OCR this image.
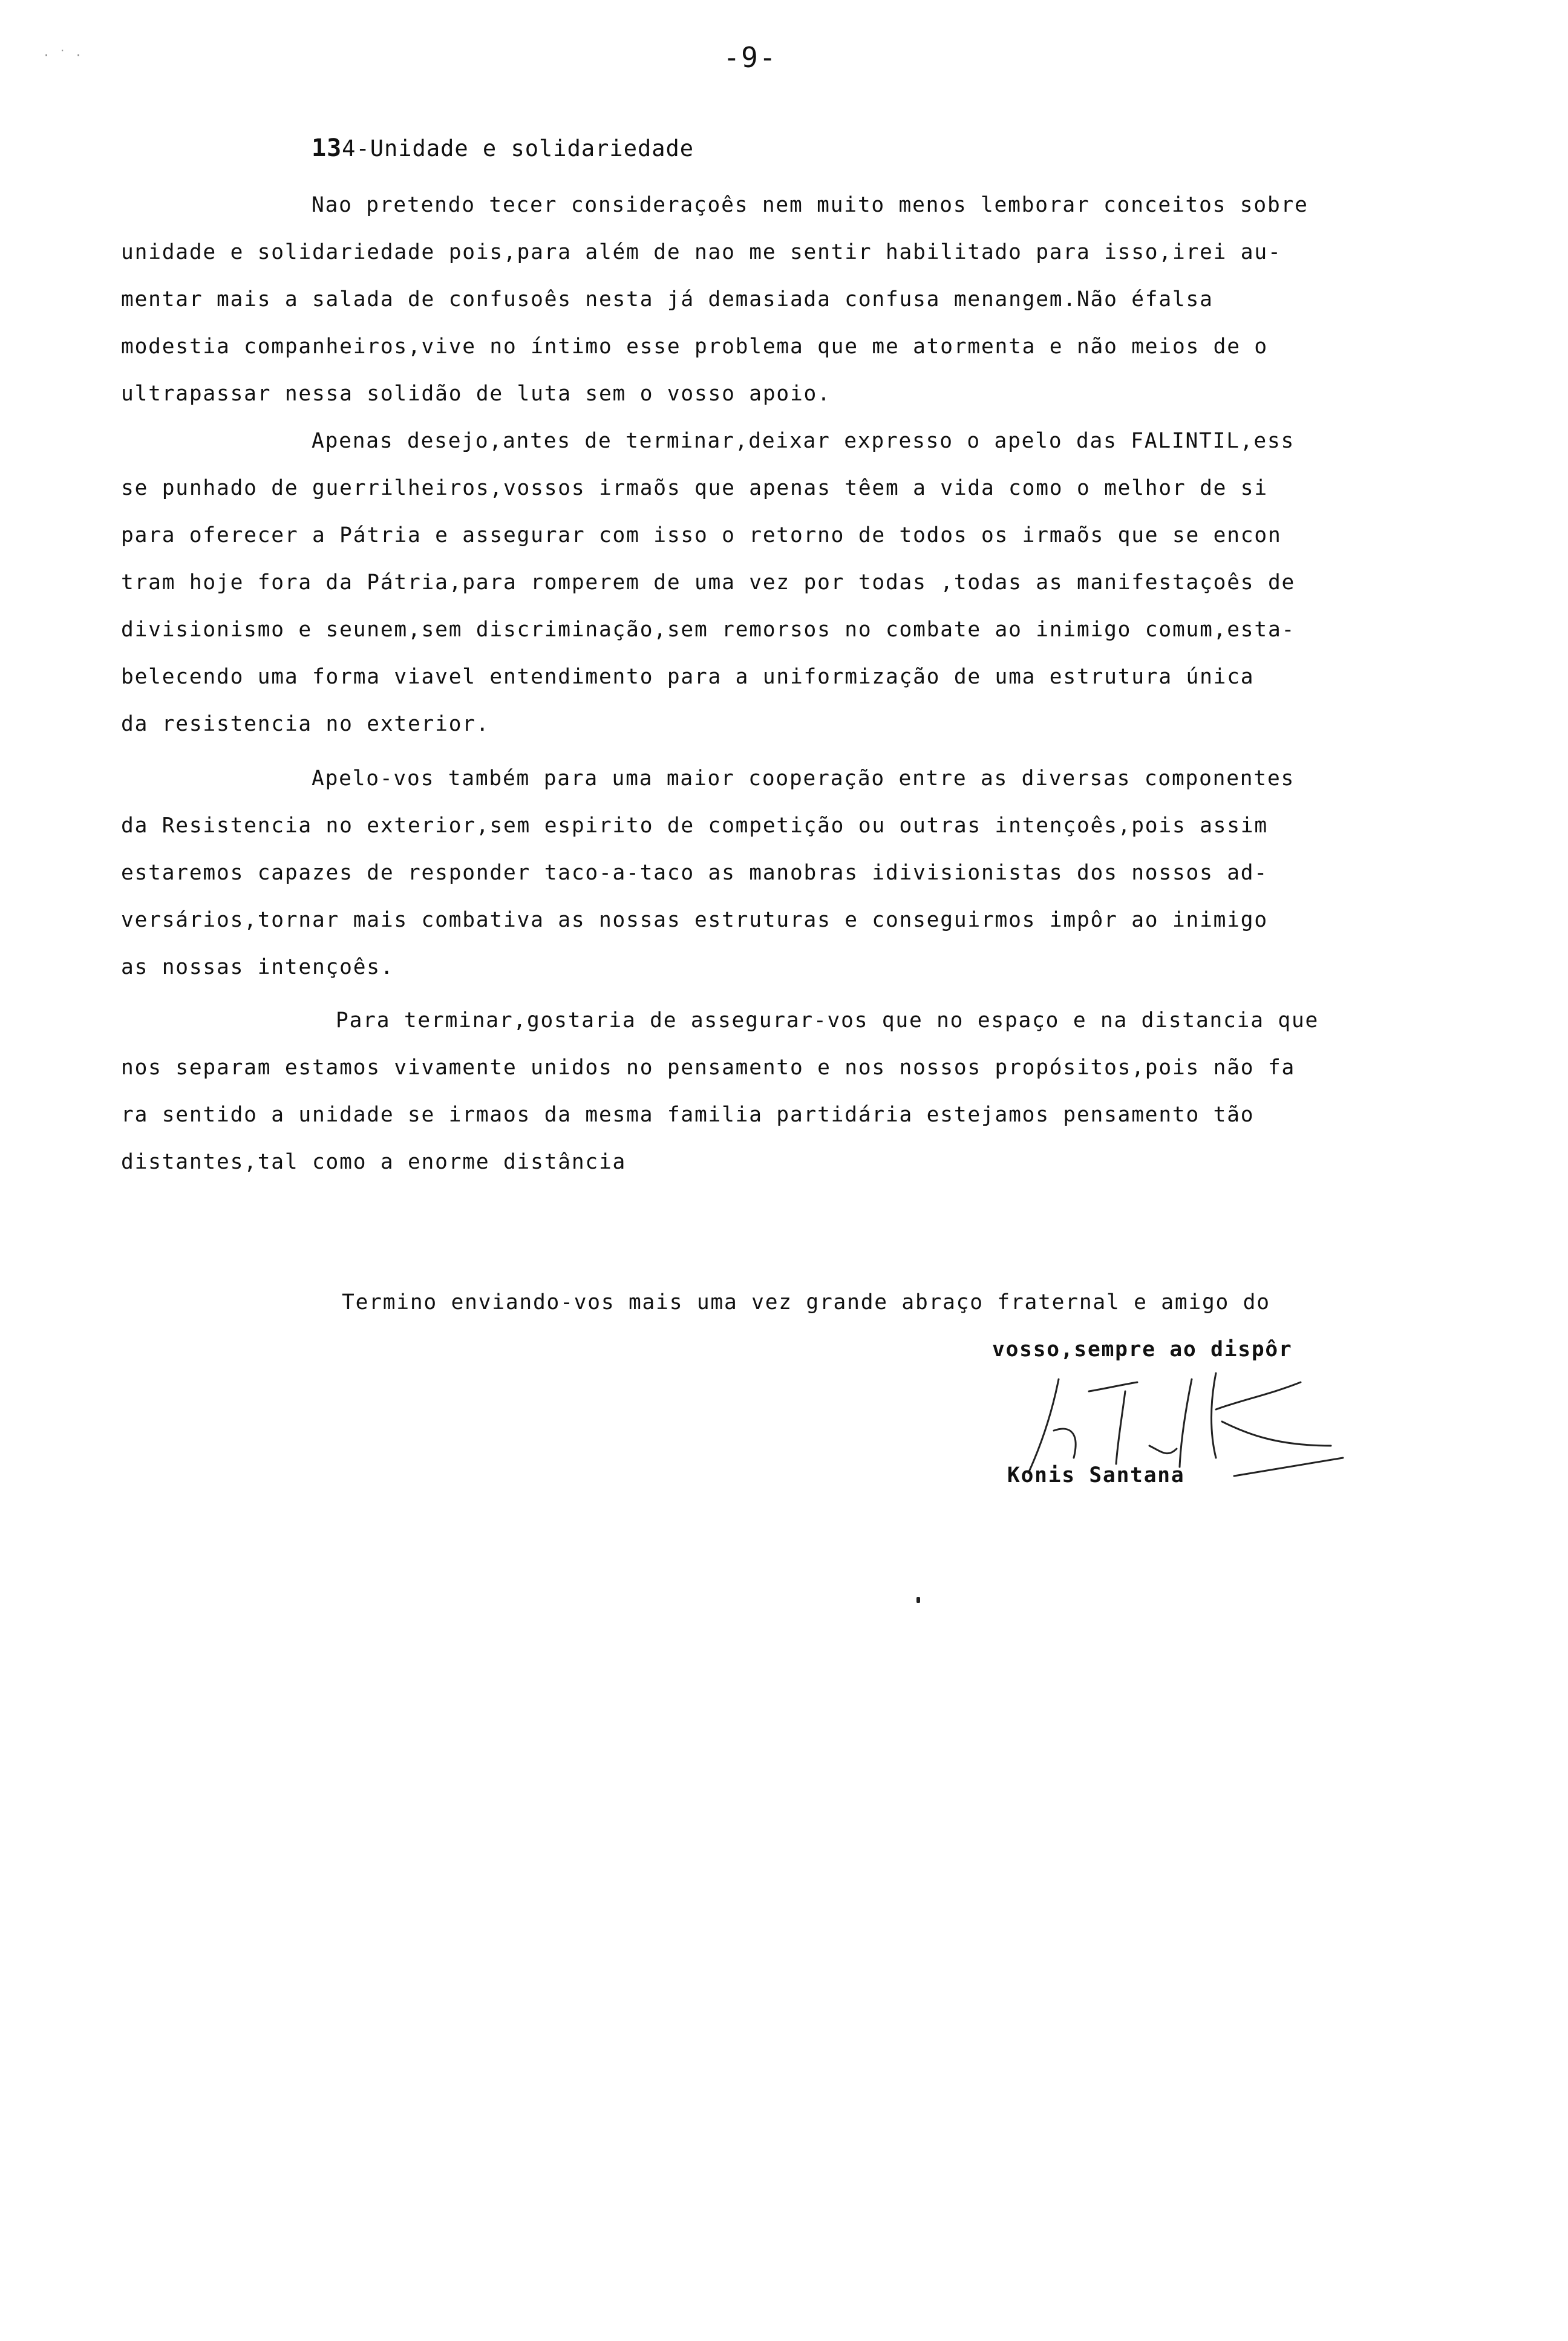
· ˙ ·	-9-
134-Unidade e solidariedade
Nao pretendo tecer consideraçoês nem muito menos lemborar conceitos sobre
unidade e solidariedade pois,para além de nao me sentir habilitado para isso,irei au-
mentar mais a salada de confusoês nesta já demasiada confusa menangem.Não éfalsa
modestia companheiros,vive no íntimo esse problema que me atormenta e não meios de o
ultrapassar nessa solidão de luta sem o vosso apoio.
Apenas desejo,antes de terminar,deixar expresso o apelo das FALINTIL,ess
se punhado de guerrilheiros,vossos irmaõs que apenas têem a vida como o melhor de si
para oferecer a Pátria e assegurar com isso o retorno de todos os irmaõs que se encon
tram hoje fora da Pátria,para romperem de uma vez por todas ,todas as manifestaçoês de
divisionismo e seunem,sem discriminação,sem remorsos no combate ao inimigo comum,esta-
belecendo uma forma viavel entendimento para a uniformização de uma estrutura única
da resistencia no exterior.
Apelo-vos também para uma maior cooperação entre as diversas componentes
da Resistencia no exterior,sem espirito de competição ou outras intençoês,pois assim
estaremos capazes de responder taco-a-taco as manobras idivisionistas dos nossos ad-
versários,tornar mais combativa as nossas estruturas e conseguirmos impôr ao inimigo
as nossas intençoês.
Para terminar,gostaria de assegurar-vos que no espaço e na distancia que
nos separam estamos vivamente unidos no pensamento e nos nossos propósitos,pois não fa
ra sentido a unidade se irmaos da mesma familia partidária estejamos pensamento tão
distantes,tal como a enorme distância
Termino enviando-vos mais uma vez grande abraço fraternal e amigo do
vosso,sempre ao dispôr
Konis Santana
